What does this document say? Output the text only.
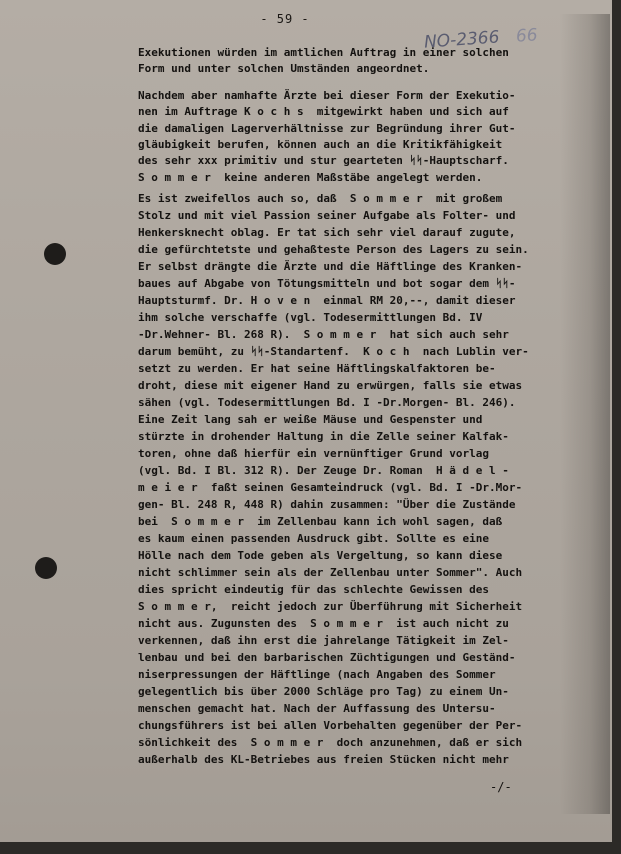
- 59 -
NO-2366 66
Exekutionen würden im amtlichen Auftrag in einer solchen
Form und unter solchen Umständen angeordnet.
Nachdem aber namhafte Ärzte bei dieser Form der Exekutio-
nen im Auftrage K o c h s  mitgewirkt haben und sich auf
die damaligen Lagerverhältnisse zur Begründung ihrer Gut-
gläubigkeit berufen, können auch an die Kritikfähigkeit
des sehr xxx primitiv und stur gearteten ᛋᛋ-Hauptscharf.
S o m m e r  keine anderen Maßstäbe angelegt werden.
Es ist zweifellos auch so, daß  S o m m e r  mit großem
Stolz und mit viel Passion seiner Aufgabe als Folter- und
Henkersknecht oblag. Er tat sich sehr viel darauf zugute,
die gefürchtetste und gehaßteste Person des Lagers zu sein.
Er selbst drängte die Ärzte und die Häftlinge des Kranken-
baues auf Abgabe von Tötungsmitteln und bot sogar dem ᛋᛋ-
Hauptsturmf. Dr. H o v e n  einmal RM 20,--, damit dieser
ihm solche verschaffe (vgl. Todesermittlungen Bd. IV
-Dr.Wehner- Bl. 268 R).  S o m m e r  hat sich auch sehr
darum bemüht, zu ᛋᛋ-Standartenf.  K o c h  nach Lublin ver-
setzt zu werden. Er hat seine Häftlingskalfaktoren be-
droht, diese mit eigener Hand zu erwürgen, falls sie etwas
sähen (vgl. Todesermittlungen Bd. I -Dr.Morgen- Bl. 246).
Eine Zeit lang sah er weiße Mäuse und Gespenster und
stürzte in drohender Haltung in die Zelle seiner Kalfak-
toren, ohne daß hierfür ein vernünftiger Grund vorlag
(vgl. Bd. I Bl. 312 R). Der Zeuge Dr. Roman  H ä d e l -
m e i e r  faßt seinen Gesamteindruck (vgl. Bd. I -Dr.Mor-
gen- Bl. 248 R, 448 R) dahin zusammen: "Über die Zustände
bei  S o m m e r  im Zellenbau kann ich wohl sagen, daß
es kaum einen passenden Ausdruck gibt. Sollte es eine
Hölle nach dem Tode geben als Vergeltung, so kann diese
nicht schlimmer sein als der Zellenbau unter Sommer". Auch
dies spricht eindeutig für das schlechte Gewissen des
S o m m e r,  reicht jedoch zur Überführung mit Sicherheit
nicht aus. Zugunsten des  S o m m e r  ist auch nicht zu
verkennen, daß ihn erst die jahrelange Tätigkeit im Zel-
lenbau und bei den barbarischen Züchtigungen und Geständ-
niserpressungen der Häftlinge (nach Angaben des Sommer
gelegentlich bis über 2000 Schläge pro Tag) zu einem Un-
menschen gemacht hat. Nach der Auffassung des Untersu-
chungsführers ist bei allen Vorbehalten gegenüber der Per-
sönlichkeit des  S o m m e r  doch anzunehmen, daß er sich
außerhalb des KL-Betriebes aus freien Stücken nicht mehr
-/-
